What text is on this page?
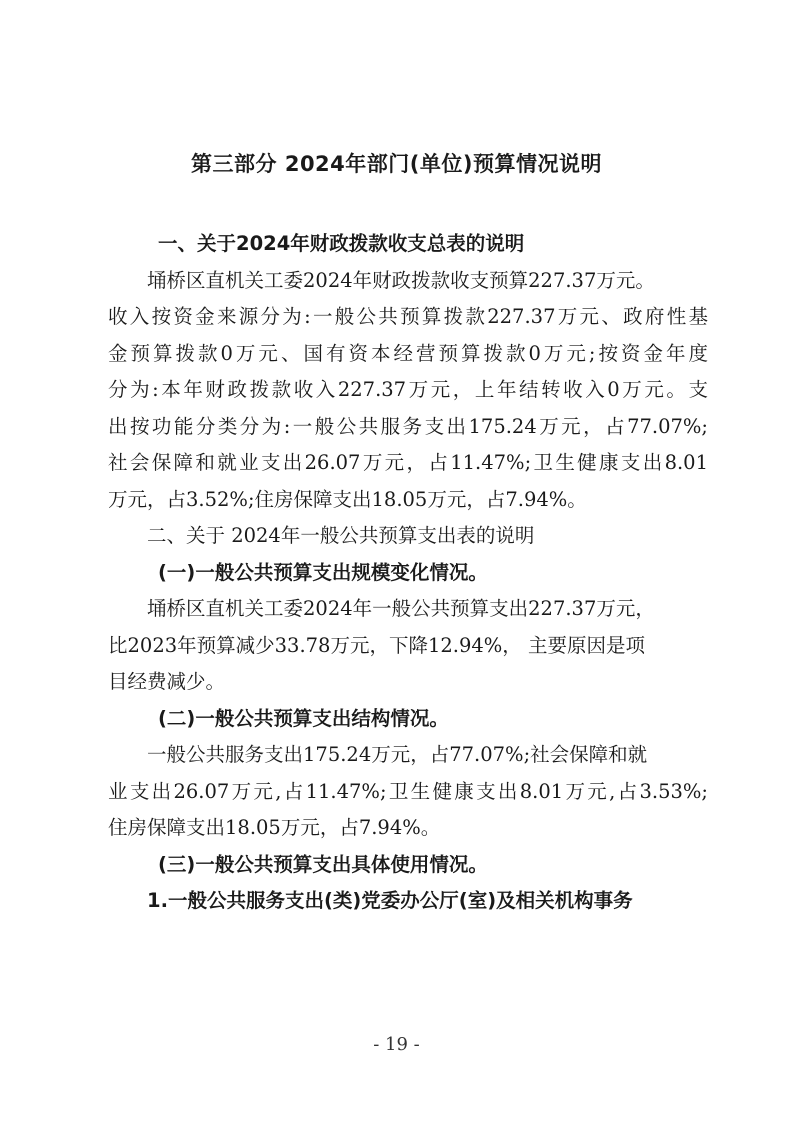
第三部分 2024年部门(单位)预算情况说明
一、关于2024年财政拨款收支总表的说明
埇桥区直机关工委2024年财政拨款收支预算227.37万元。
收入按资金来源分为:一般公共预算拨款227.37万元、政府性基
金预算拨款0万元、国有资本经营预算拨款0万元;按资金年度
分为:本年财政拨款收入227.37万元，上年结转收入0万元。支
出按功能分类分为:一般公共服务支出175.24万元，占77.07%;
社会保障和就业支出26.07万元，占11.47%;卫生健康支出8.01
万元，占3.52%;住房保障支出18.05万元，占7.94%。
二、关于 2024年一般公共预算支出表的说明
(一)一般公共预算支出规模变化情况。
埇桥区直机关工委2024年一般公共预算支出227.37万元，
比2023年预算减少33.78万元，下降12.94%， 主要原因是项
目经费减少。
(二)一般公共预算支出结构情况。
一般公共服务支出175.24万元，占77.07%;社会保障和就
业支出26.07万元,占11.47%;卫生健康支出8.01万元,占3.53%;
住房保障支出18.05万元，占7.94%。
(三)一般公共预算支出具体使用情况。
1.一般公共服务支出(类)党委办公厅(室)及相关机构事务
- 19 -
